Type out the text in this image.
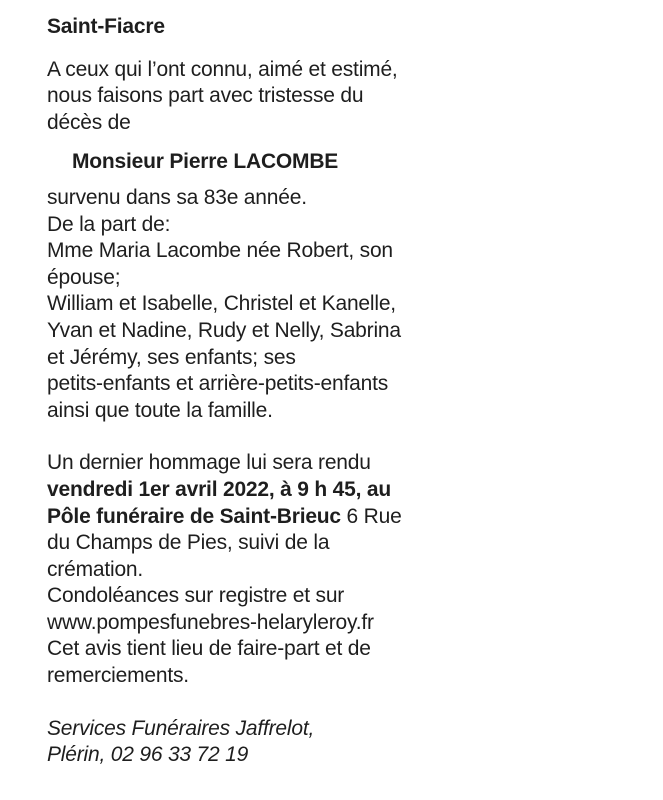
Saint-Fiacre
A ceux qui l’ont connu, aimé et estimé,
nous faisons part avec tristesse du
décès de
Monsieur Pierre LACOMBE
survenu dans sa 83e année.
De la part de:
Mme Maria Lacombe née Robert, son
épouse;
William et Isabelle, Christel et Kanelle,
Yvan et Nadine, Rudy et Nelly, Sabrina
et Jérémy, ses enfants; ses
petits-enfants et arrière-petits-enfants
ainsi que toute la famille.
Un dernier hommage lui sera rendu
vendredi 1er avril 2022, à 9 h 45, au
Pôle funéraire de Saint-Brieuc 6 Rue
du Champs de Pies, suivi de la
crémation.
Condoléances sur registre et sur
www.pompesfunebres-helaryleroy.fr
Cet avis tient lieu de faire-part et de
remerciements.
Services Funéraires Jaffrelot,
Plérin, 02 96 33 72 19
